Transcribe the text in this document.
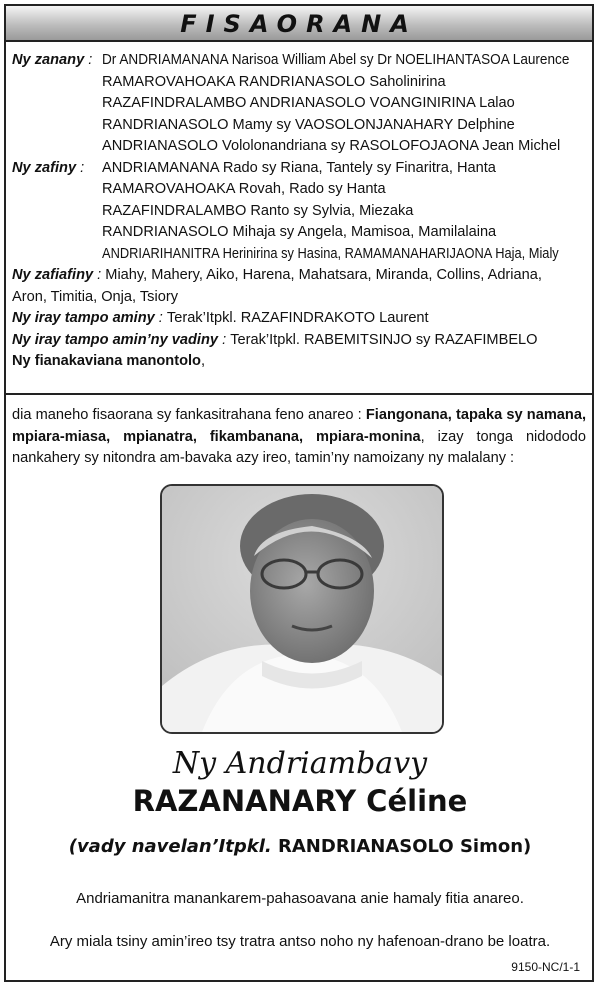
FISAORANA
Ny zanany : Dr ANDRIAMANANA Narisoa William Abel sy Dr NOELIHANTASOA Laurence
RAMAROVAHOAKA RANDRIANASOLO Saholinirina
RAZAFINDRALAMBO ANDRIANASOLO VOANGINIRINA Lalao
RANDRIANASOLO Mamy sy VAOSOLONJANAHARY Delphine
ANDRIANASOLO Vololonandriana sy RASOLOFOJAONA Jean Michel
Ny zafiny :	ANDRIAMANANA Rado sy Riana, Tantely sy Finaritra, Hanta
RAMAROVAHOAKA Rovah, Rado sy Hanta
RAZAFINDRALAMBO Ranto sy Sylvia, Miezaka
RANDRIANASOLO Mihaja sy Angela, Mamisoa, Mamilalaina
ANDRIARIHANITRA Herinirina sy Hasina, RAMAMANAHARIJAONA Haja, Mialy
Ny zafiafiny : Miahy, Mahery, Aiko, Harena, Mahatsara, Miranda, Collins, Adriana,
Aron, Timitia, Onja, Tsiory
Ny iray tampo aminy : Terak’Itpkl. RAZAFINDRAKOTO Laurent
Ny iray tampo amin’ny vadiny : Terak’Itpkl. RABEMITSINJO sy RAZAFIMBELO
Ny fianakaviana manontolo,
dia maneho fisaorana sy fankasitrahana feno anareo : Fiangonana, tapaka sy namana, mpiara-miasa, mpianatra, fikambanana, mpiara-monina, izay tonga nidododo nankahery sy nitondra am-bavaka azy ireo, tamin’ny namoizany ny malalany :
Ny Andriambavy
RAZANANARY Céline
(vady navelan’Itpkl. RANDRIANASOLO Simon)
Andriamanitra manankarem-pahasoavana anie hamaly fitia anareo.
Ary miala tsiny amin’ireo tsy tratra antso noho ny hafenoan-drano be loatra.
9150-NC/1-1
